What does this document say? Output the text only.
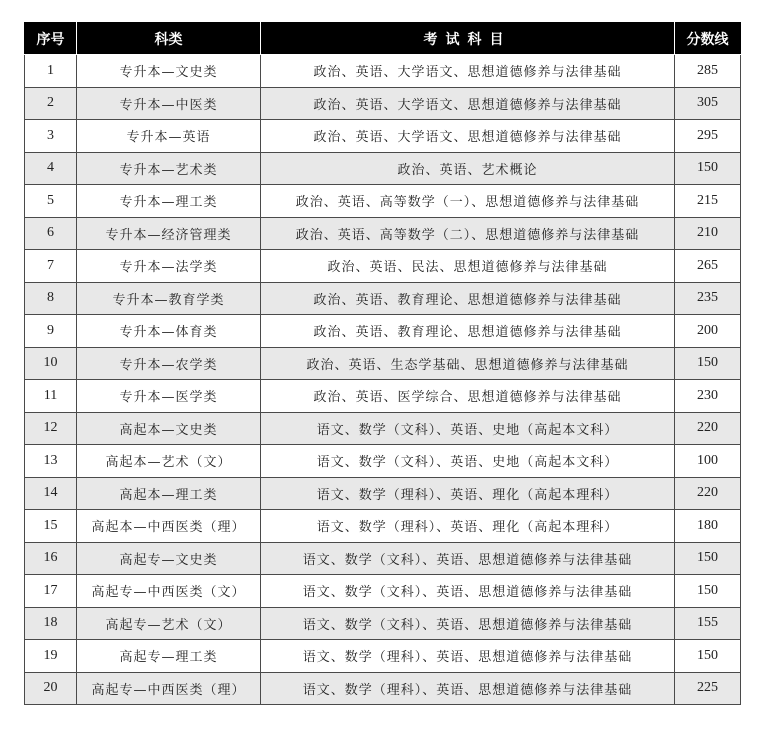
序号	科类	考试科目	分数线
1	专升本—文史类	政治、英语、大学语文、思想道德修养与法律基础	285
2	专升本—中医类	政治、英语、大学语文、思想道德修养与法律基础	305
3	专升本—英语	政治、英语、大学语文、思想道德修养与法律基础	295
4	专升本—艺术类	政治、英语、艺术概论	150
5	专升本—理工类	政治、英语、高等数学（一）、思想道德修养与法律基础	215
6	专升本—经济管理类	政治、英语、高等数学（二）、思想道德修养与法律基础	210
7	专升本—法学类	政治、英语、民法、思想道德修养与法律基础	265
8	专升本—教育学类	政治、英语、教育理论、思想道德修养与法律基础	235
9	专升本—体育类	政治、英语、教育理论、思想道德修养与法律基础	200
10	专升本—农学类	政治、英语、生态学基础、思想道德修养与法律基础	150
11	专升本—医学类	政治、英语、医学综合、思想道德修养与法律基础	230
12	高起本—文史类	语文、数学（文科）、英语、史地（高起本文科）	220
13	高起本—艺术（文）	语文、数学（文科）、英语、史地（高起本文科）	100
14	高起本—理工类	语文、数学（理科）、英语、理化（高起本理科）	220
15	高起本—中西医类（理）	语文、数学（理科）、英语、理化（高起本理科）	180
16	高起专—文史类	语文、数学（文科）、英语、思想道德修养与法律基础	150
17	高起专—中西医类（文）	语文、数学（文科）、英语、思想道德修养与法律基础	150
18	高起专—艺术（文）	语文、数学（文科）、英语、思想道德修养与法律基础	155
19	高起专—理工类	语文、数学（理科）、英语、思想道德修养与法律基础	150
20	高起专—中西医类（理）	语文、数学（理科）、英语、思想道德修养与法律基础	225
